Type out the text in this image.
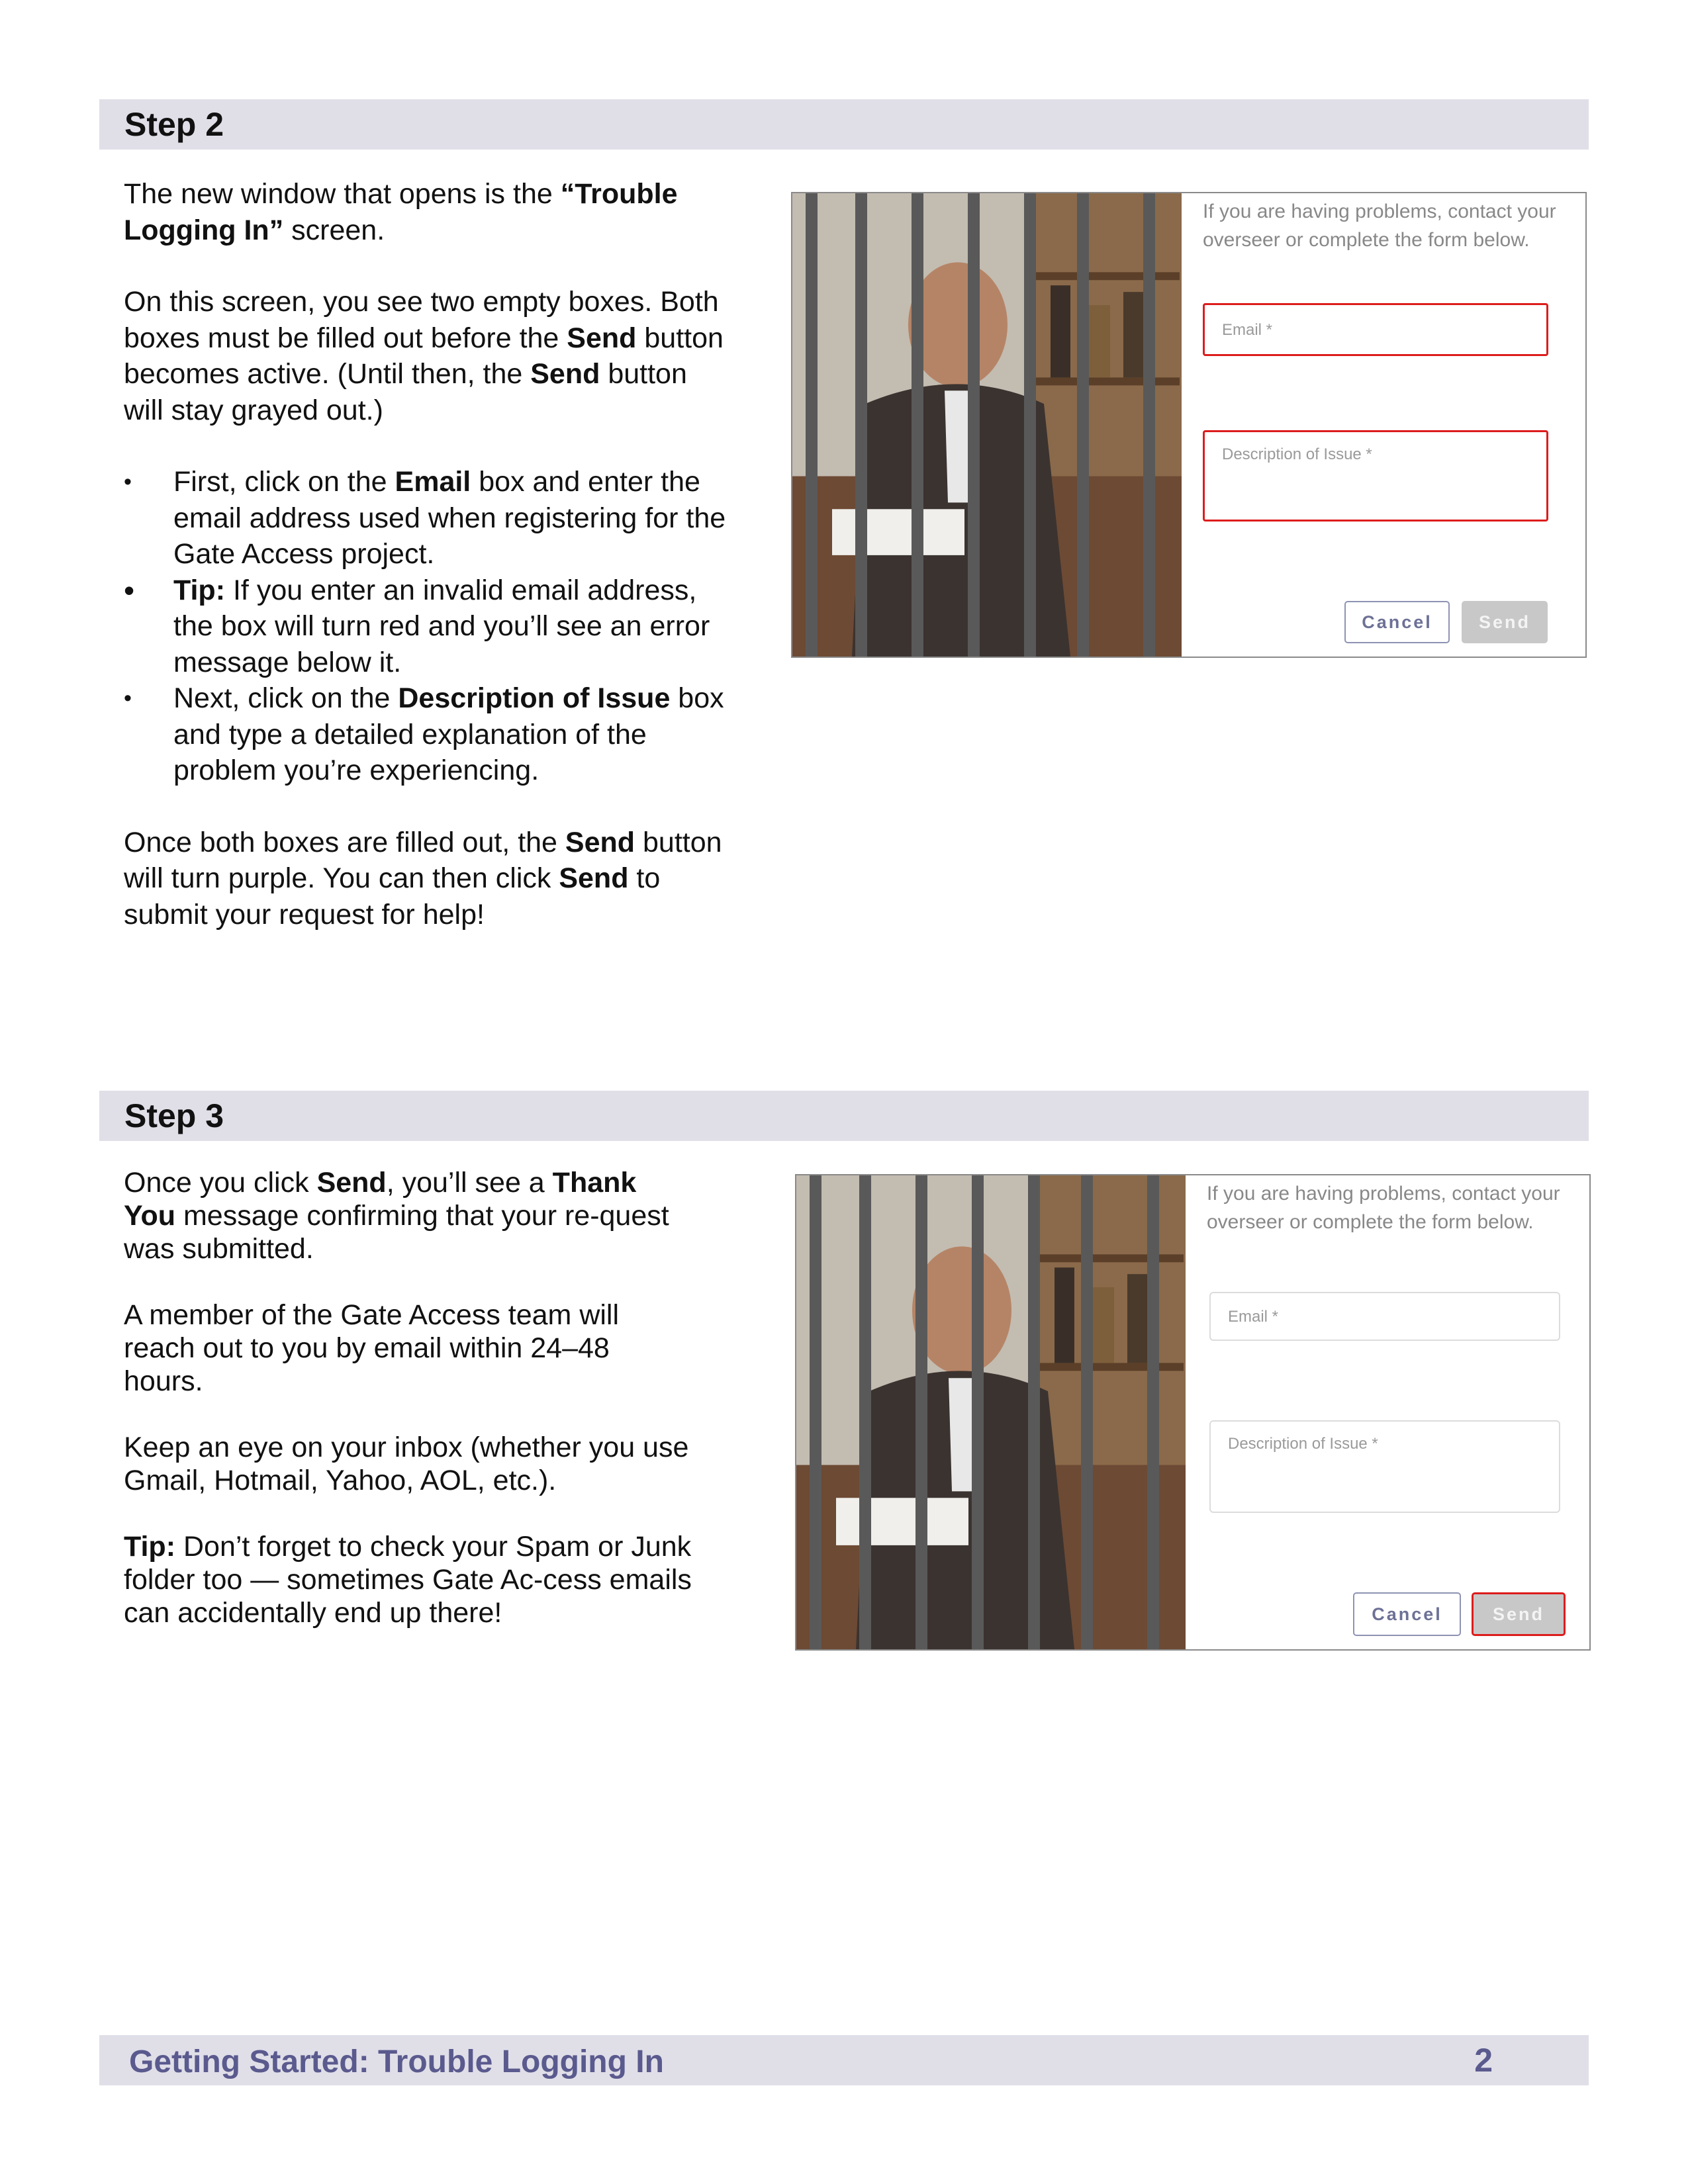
Step 2

The new window that opens is the “Trouble Logging In” screen.

On this screen, you see two empty boxes. Both boxes must be filled out before the Send button becomes active. (Until then, the Send button will stay grayed out.)

• First, click on the Email box and enter the email address used when registering for the Gate Access project.
• Tip: If you enter an invalid email address, the box will turn red and you’ll see an error message below it.
• Next, click on the Description of Issue box and type a detailed explanation of the problem you’re experiencing.

Once both boxes are filled out, the Send button will turn purple. You can then click Send to submit your request for help!

If you are having problems, contact your overseer or complete the form below.
Email *
Description of Issue *
Cancel	Send
Step 3

Once you click Send, you’ll see a Thank You message confirming that your re-quest was submitted.

A member of the Gate Access team will reach out to you by email within 24–48 hours.

Keep an eye on your inbox (whether you use Gmail, Hotmail, Yahoo, AOL, etc.).

Tip: Don’t forget to check your Spam or Junk folder too — sometimes Gate Ac-cess emails can accidentally end up there!

If you are having problems, contact your overseer or complete the form below.
Email *
Description of Issue *
Cancel	Send
Getting Started: Trouble Logging In	2
